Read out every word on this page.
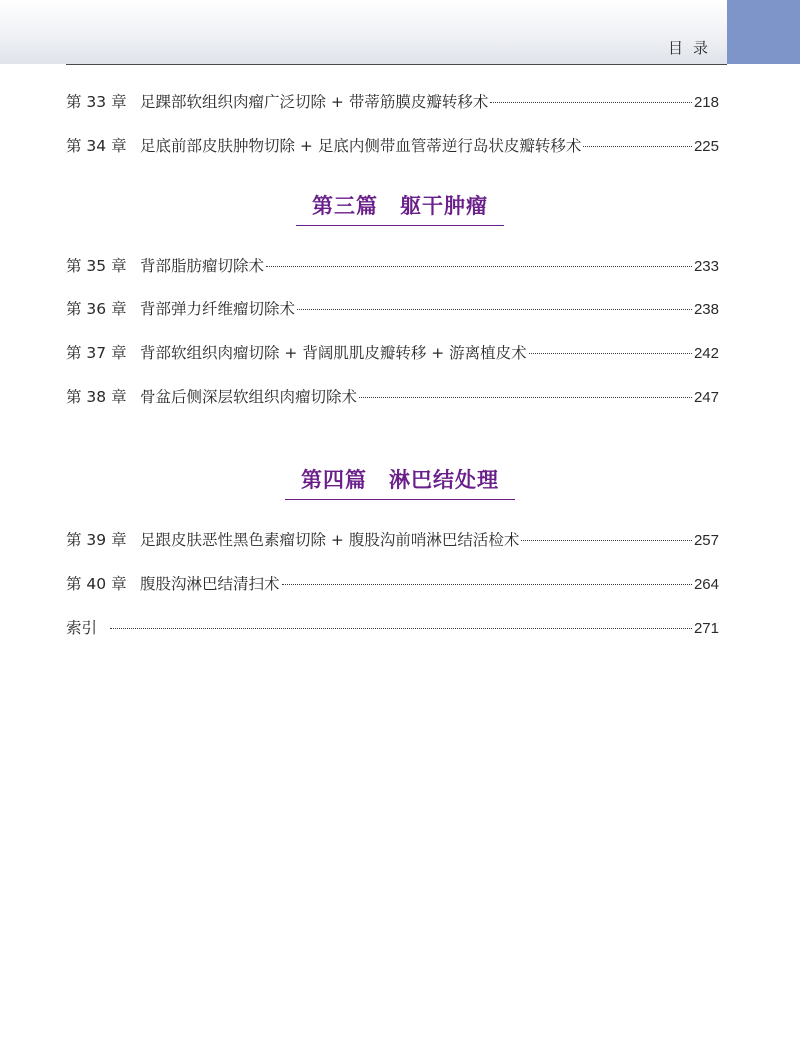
目录
第 33 章 足踝部软组织肉瘤广泛切除 + 带蒂筋膜皮瓣转移术	218
第 34 章 足底前部皮肤肿物切除 + 足底内侧带血管蒂逆行岛状皮瓣转移术	225
第三篇 躯干肿瘤
第 35 章 背部脂肪瘤切除术	233
第 36 章 背部弹力纤维瘤切除术	238
第 37 章 背部软组织肉瘤切除 + 背阔肌肌皮瓣转移 + 游离植皮术	242
第 38 章 骨盆后侧深层软组织肉瘤切除术	247
第四篇 淋巴结处理
第 39 章 足跟皮肤恶性黑色素瘤切除 + 腹股沟前哨淋巴结活检术	257
第 40 章 腹股沟淋巴结清扫术	264
索引	271
